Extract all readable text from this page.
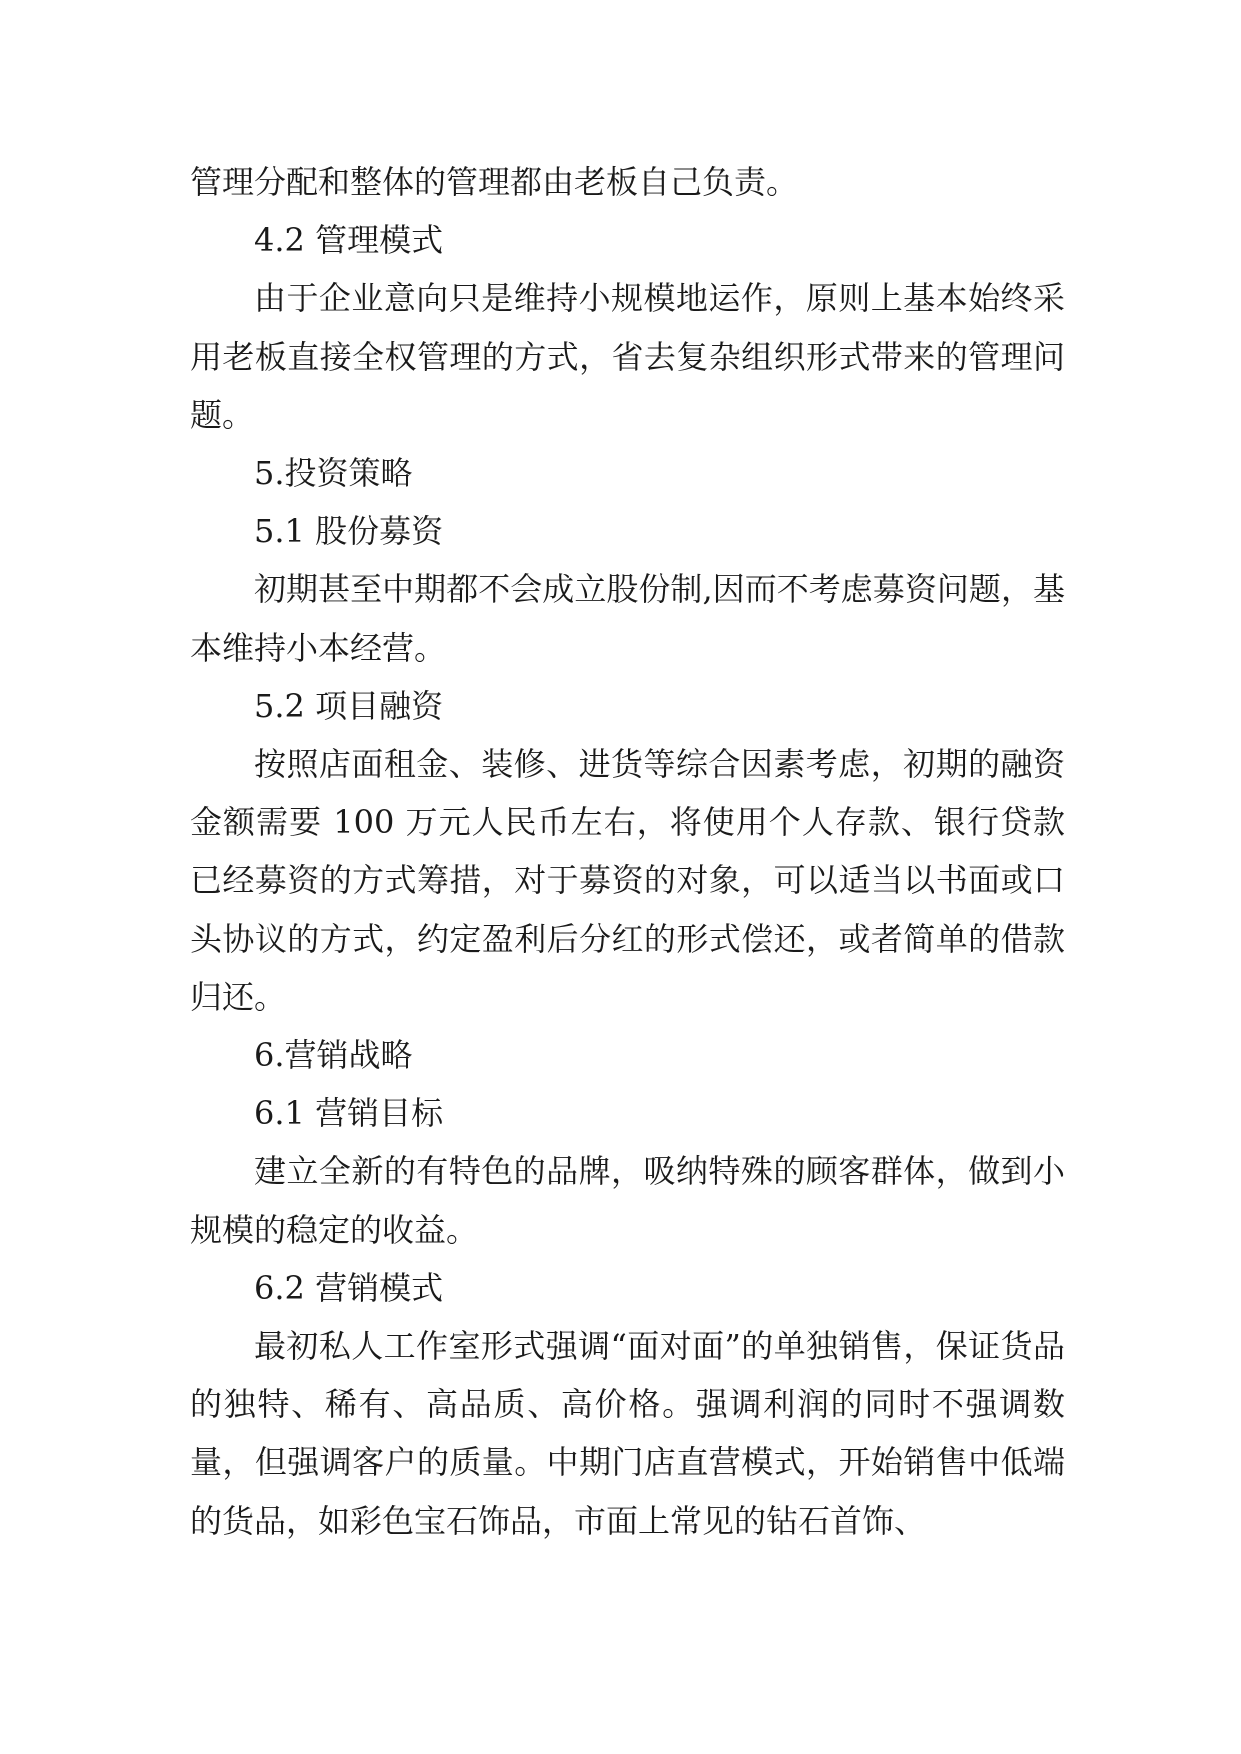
管理分配和整体的管理都由老板自己负责。

4.2 管理模式

由于企业意向只是维持小规模地运作，原则上基本始终采用老板直接全权管理的方式，省去复杂组织形式带来的管理问题。

5.投资策略

5.1 股份募资

初期甚至中期都不会成立股份制,因而不考虑募资问题，基本维持小本经营。

5.2 项目融资

按照店面租金、装修、进货等综合因素考虑，初期的融资金额需要 100 万元人民币左右，将使用个人存款、银行贷款已经募资的方式筹措，对于募资的对象，可以适当以书面或口头协议的方式，约定盈利后分红的形式偿还，或者简单的借款归还。

6.营销战略

6.1 营销目标

建立全新的有特色的品牌，吸纳特殊的顾客群体，做到小规模的稳定的收益。

6.2 营销模式

最初私人工作室形式强调“面对面”的单独销售，保证货品的独特、稀有、高品质、高价格。强调利润的同时不强调数量，但强调客户的质量。中期门店直营模式，开始销售中低端的货品，如彩色宝石饰品，市面上常见的钻石首饰、
